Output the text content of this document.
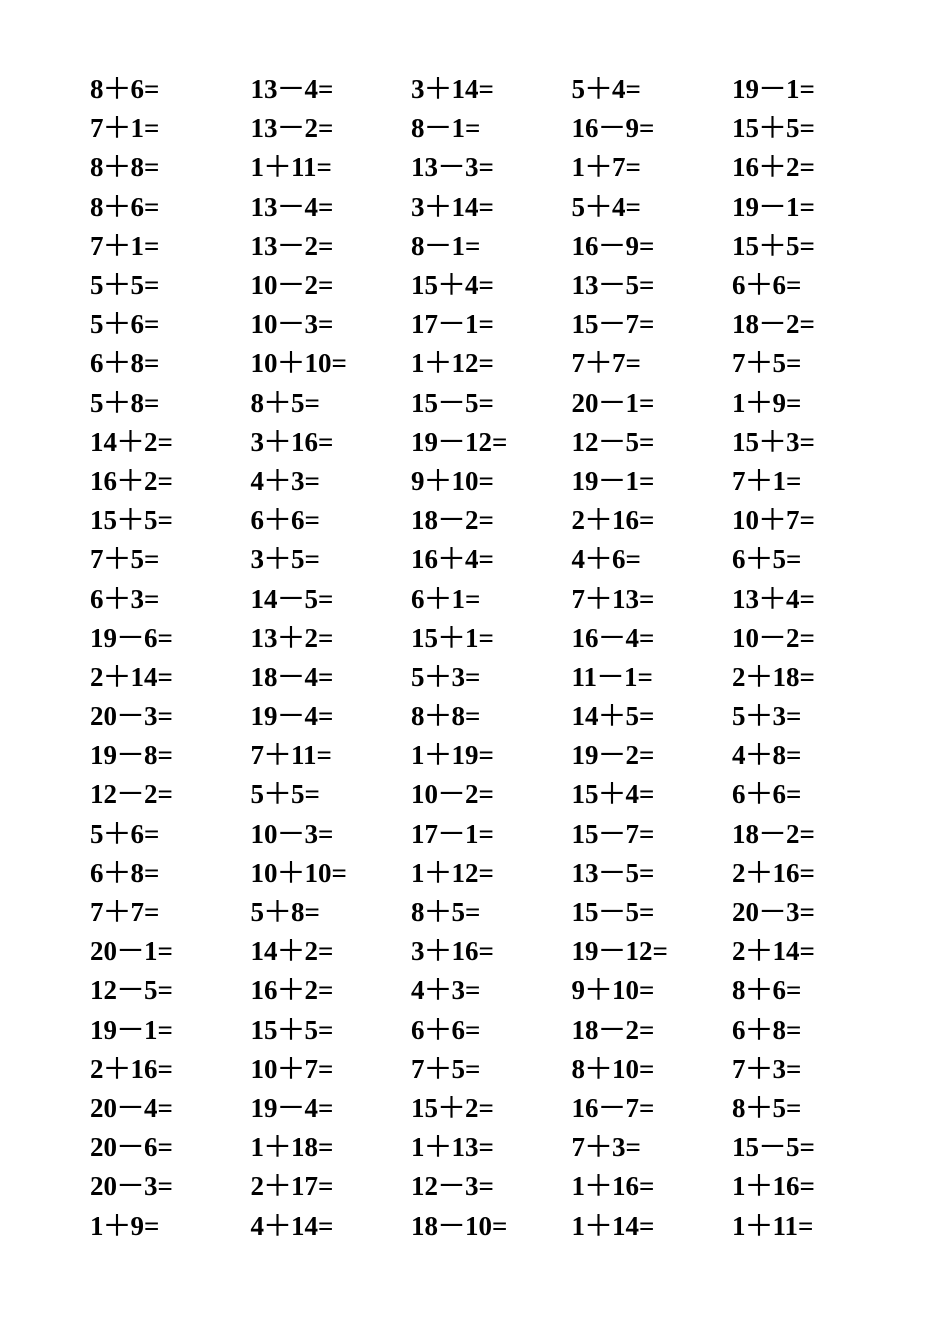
8＋6=	13－4=	3＋14=	5＋4=	19－1=
7＋1=	13－2=	8－1=	16－9=	15＋5=
8＋8=	1＋11=	13－3=	1＋7=	16＋2=
8＋6=	13－4=	3＋14=	5＋4=	19－1=
7＋1=	13－2=	8－1=	16－9=	15＋5=
5＋5=	10－2=	15＋4=	13－5=	6＋6=
5＋6=	10－3=	17－1=	15－7=	18－2=
6＋8=	10＋10=	1＋12=	7＋7=	7＋5=
5＋8=	8＋5=	15－5=	20－1=	1＋9=
14＋2=	3＋16=	19－12=	12－5=	15＋3=
16＋2=	4＋3=	9＋10=	19－1=	7＋1=
15＋5=	6＋6=	18－2=	2＋16=	10＋7=
7＋5=	3＋5=	16＋4=	4＋6=	6＋5=
6＋3=	14－5=	6＋1=	7＋13=	13＋4=
19－6=	13＋2=	15＋1=	16－4=	10－2=
2＋14=	18－4=	5＋3=	11－1=	2＋18=
20－3=	19－4=	8＋8=	14＋5=	5＋3=
19－8=	7＋11=	1＋19=	19－2=	4＋8=
12－2=	5＋5=	10－2=	15＋4=	6＋6=
5＋6=	10－3=	17－1=	15－7=	18－2=
6＋8=	10＋10=	1＋12=	13－5=	2＋16=
7＋7=	5＋8=	8＋5=	15－5=	20－3=
20－1=	14＋2=	3＋16=	19－12=	2＋14=
12－5=	16＋2=	4＋3=	9＋10=	8＋6=
19－1=	15＋5=	6＋6=	18－2=	6＋8=
2＋16=	10＋7=	7＋5=	8＋10=	7＋3=
20－4=	19－4=	15＋2=	16－7=	8＋5=
20－6=	1＋18=	1＋13=	7＋3=	15－5=
20－3=	2＋17=	12－3=	1＋16=	1＋16=
1＋9=	4＋14=	18－10=	1＋14=	1＋11=
